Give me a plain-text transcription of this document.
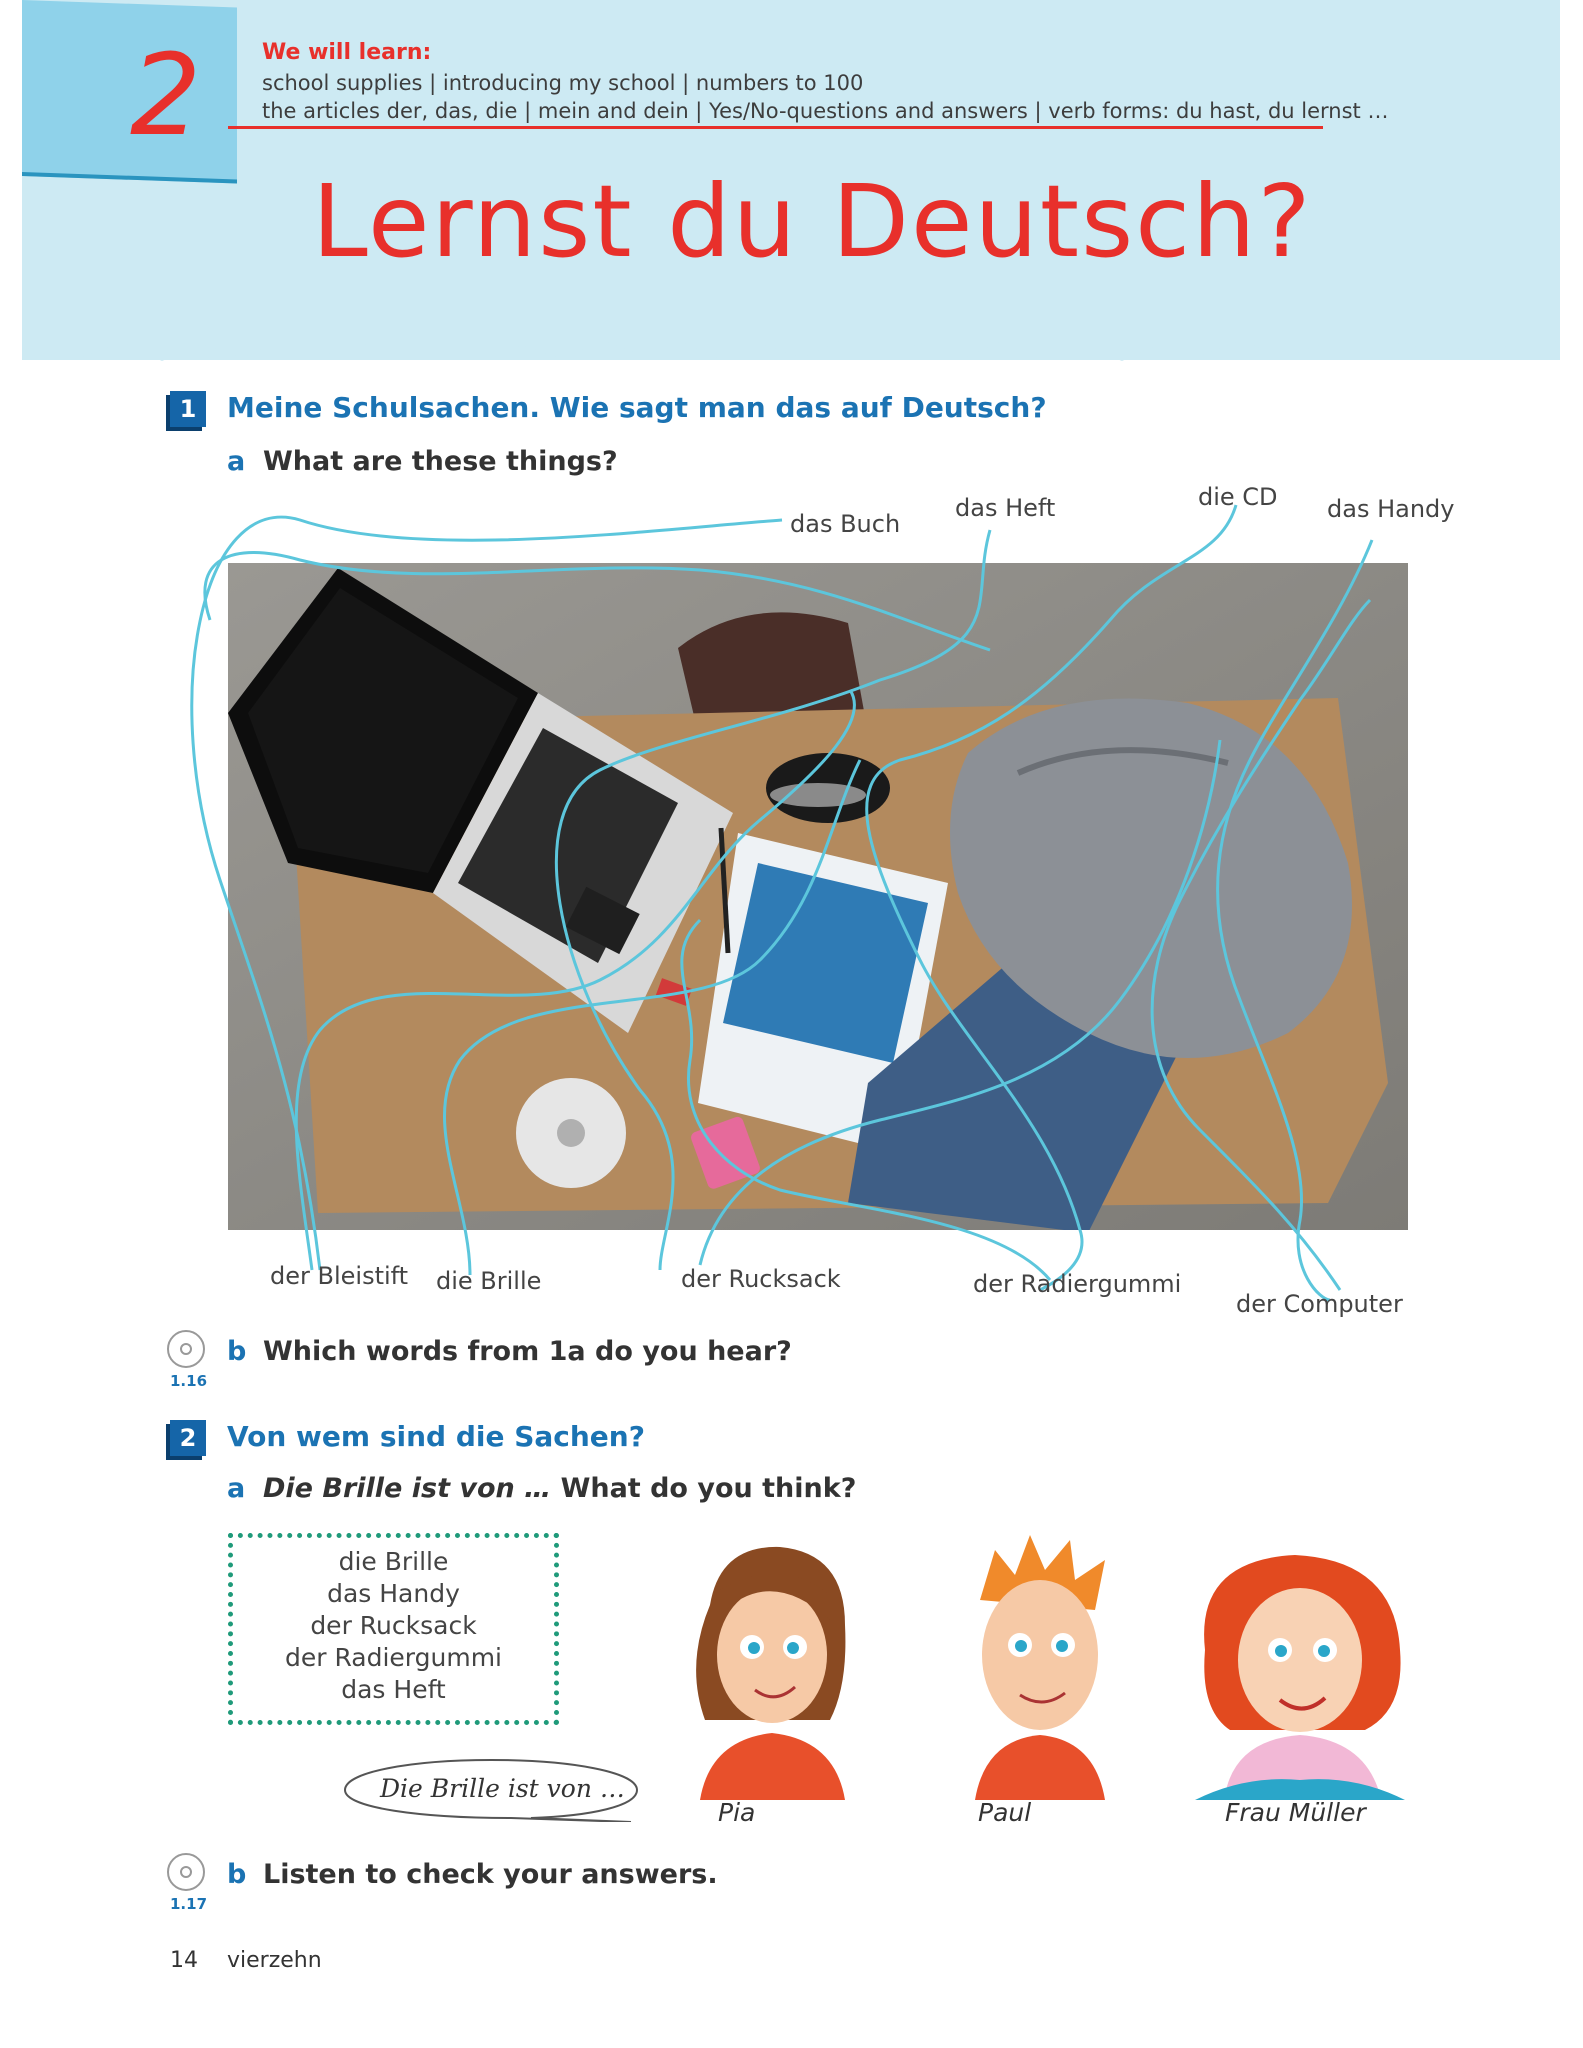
2	We will learn:
school supplies | introducing my school | numbers to 100
the articles der, das, die | mein and dein | Yes/No-questions and answers | verb forms: du hast, du lernst …
Lernst du Deutsch?
1	Meine Schulsachen. Wie sagt man das auf Deutsch?
a What are these things?
das Buch
das Heft	die CD das Handy
der Bleistift die Brille	der Rucksack	der Radiergummi
der Computer
1.16
b Which words from 1a do you hear?
2	Von wem sind die Sachen?
a Die Brille ist von … What do you think?
die Brille
das Handy
der Rucksack
der Radiergummi
das Heft
Die Brille ist von …
Pia	Paul	Frau Müller
1.17
b Listen to check your answers.
14 vierzehn
